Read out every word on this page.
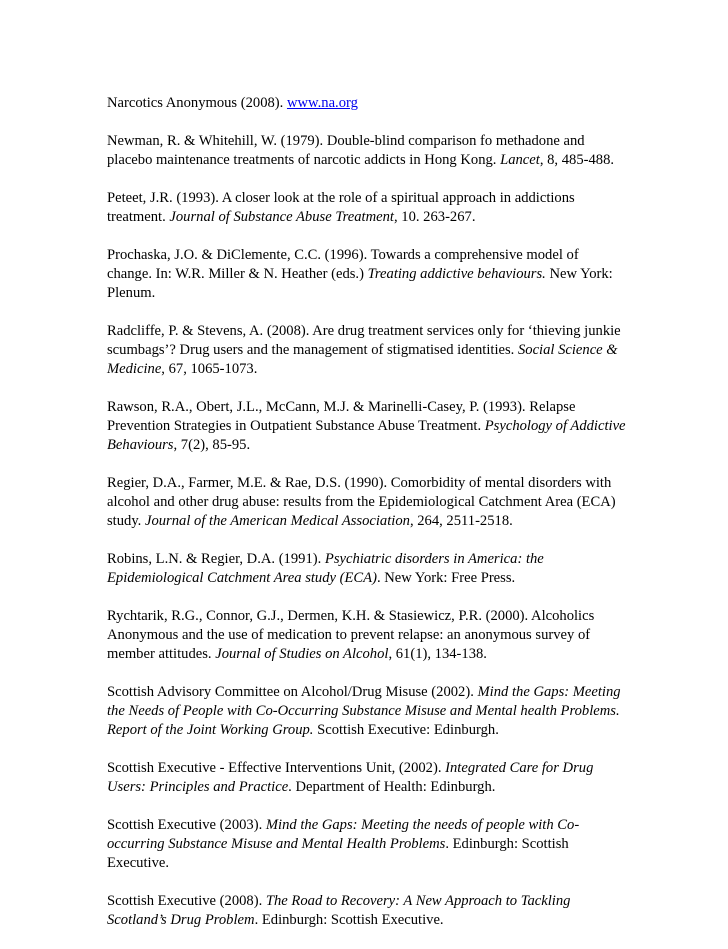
Narcotics Anonymous (2008). www.na.org

Newman, R. & Whitehill, W. (1979). Double-blind comparison fo methadone and placebo maintenance treatments of narcotic addicts in Hong Kong. Lancet, 8, 485-488.

Peteet, J.R. (1993). A closer look at the role of a spiritual approach in addictions treatment. Journal of Substance Abuse Treatment, 10. 263-267.

Prochaska, J.O. & DiClemente, C.C. (1996). Towards a comprehensive model of change. In: W.R. Miller & N. Heather (eds.) Treating addictive behaviours. New York: Plenum.

Radcliffe, P. & Stevens, A. (2008). Are drug treatment services only for ‘thieving junkie scumbags’? Drug users and the management of stigmatised identities. Social Science & Medicine, 67, 1065-1073.

Rawson, R.A., Obert, J.L., McCann, M.J. & Marinelli-Casey, P. (1993). Relapse Prevention Strategies in Outpatient Substance Abuse Treatment. Psychology of Addictive Behaviours, 7(2), 85-95.

Regier, D.A., Farmer, M.E. & Rae, D.S. (1990). Comorbidity of mental disorders with alcohol and other drug abuse: results from the Epidemiological Catchment Area (ECA) study. Journal of the American Medical Association, 264, 2511-2518.

Robins, L.N. & Regier, D.A. (1991). Psychiatric disorders in America: the Epidemiological Catchment Area study (ECA). New York: Free Press.

Rychtarik, R.G., Connor, G.J., Dermen, K.H. & Stasiewicz, P.R. (2000). Alcoholics Anonymous and the use of medication to prevent relapse: an anonymous survey of member attitudes. Journal of Studies on Alcohol, 61(1), 134-138.

Scottish Advisory Committee on Alcohol/Drug Misuse (2002). Mind the Gaps: Meeting the Needs of People with Co-Occurring Substance Misuse and Mental health Problems. Report of the Joint Working Group. Scottish Executive: Edinburgh.

Scottish Executive - Effective Interventions Unit, (2002). Integrated Care for Drug Users: Principles and Practice. Department of Health: Edinburgh.

Scottish Executive (2003). Mind the Gaps: Meeting the needs of people with Co-occurring Substance Misuse and Mental Health Problems. Edinburgh: Scottish Executive.

Scottish Executive (2008). The Road to Recovery: A New Approach to Tackling Scotland’s Drug Problem. Edinburgh: Scottish Executive.
